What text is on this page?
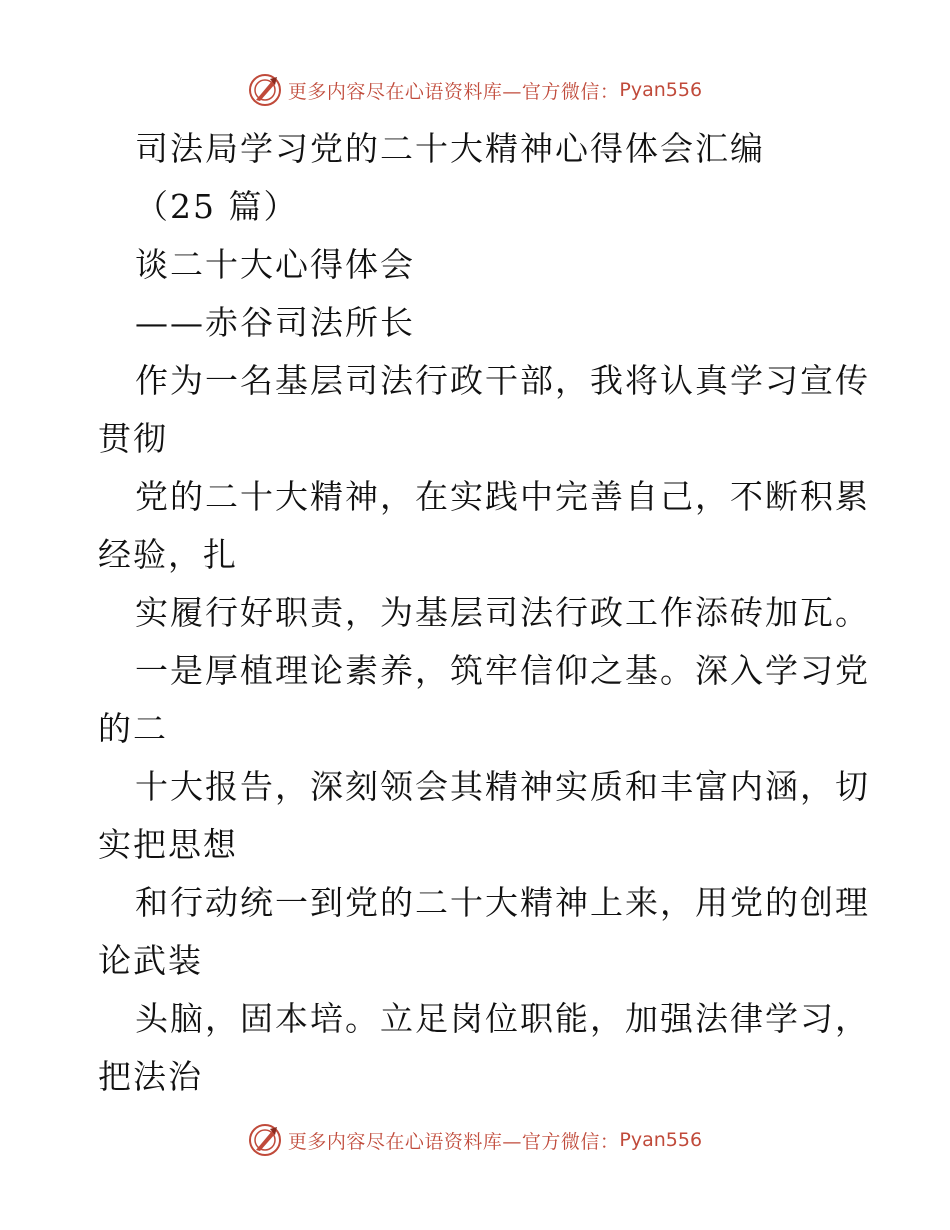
更多内容尽在心语资料库—官方微信： Pyan556
司法局学习党的二十大精神心得体会汇编
（25 篇）
谈二十大心得体会
——赤谷司法所长
作为一名基层司法行政干部，我将认真学习宣传
贯彻
党的二十大精神，在实践中完善自己，不断积累
经验，扎
实履行好职责，为基层司法行政工作添砖加瓦。
一是厚植理论素养，筑牢信仰之基。深入学习党
的二
十大报告，深刻领会其精神实质和丰富内涵，切
实把思想
和行动统一到党的二十大精神上来，用党的创理
论武装
头脑，固本培。立足岗位职能，加强法律学习，
把法治
更多内容尽在心语资料库—官方微信： Pyan556
